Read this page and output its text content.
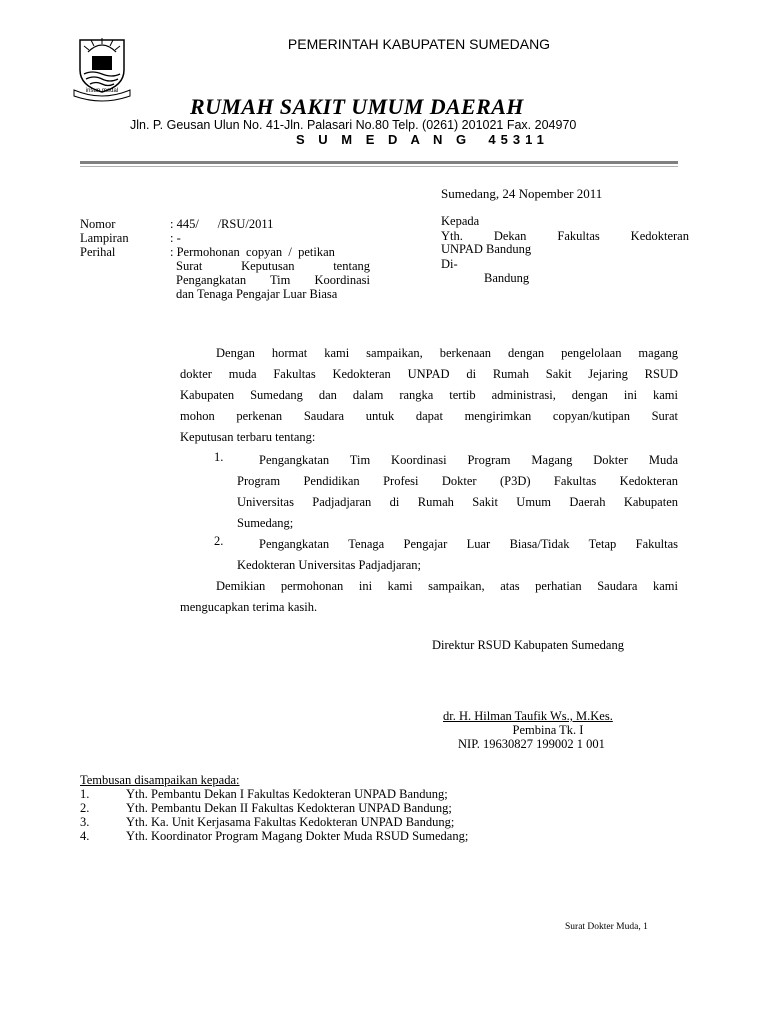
insun medal
PEMERINTAH KABUPATEN SUMEDANG
RUMAH SAKIT UMUM DAERAH
Jln. P. Geusan Ulun No. 41-Jln. Palasari No.80 Telp. (0261) 201021 Fax. 204970
S U M E D A N G  45311
Sumedang, 24 Nopember 2011
Nomor	: 445/      /RSU/2011
Lampiran	: -
Perihal	: Permohonan  copyan  /  petikan
Surat Keputusan tentang
Pengangkatan Tim Koordinasi
dan Tenaga Pengajar Luar Biasa
Kepada
Yth. Dekan Fakultas Kedokteran
UNPAD Bandung
Di-
Bandung
Dengan hormat kami sampaikan, berkenaan dengan pengelolaan magang
dokter muda Fakultas Kedokteran UNPAD di Rumah Sakit Jejaring RSUD
Kabupaten Sumedang dan dalam rangka tertib administrasi, dengan ini kami
mohon perkenan Saudara untuk dapat mengirimkan copyan/kutipan Surat
Keputusan terbaru tentang:
1.	Pengangkatan Tim Koordinasi Program Magang Dokter Muda
Program Pendidikan Profesi Dokter (P3D) Fakultas Kedokteran
Universitas Padjadjaran di Rumah Sakit Umum Daerah Kabupaten
Sumedang;
2.	Pengangkatan Tenaga Pengajar Luar Biasa/Tidak Tetap Fakultas
Kedokteran Universitas Padjadjaran;
Demikian permohonan ini kami sampaikan, atas perhatian Saudara kami
mengucapkan terima kasih.
Direktur RSUD Kabupaten Sumedang
dr. H. Hilman Taufik Ws., M.Kes.
Pembina Tk. I
NIP. 19630827 199002 1 001
Tembusan disampaikan kepada:
1.	Yth. Pembantu Dekan I Fakultas Kedokteran UNPAD Bandung;
2.	Yth. Pembantu Dekan II Fakultas Kedokteran UNPAD Bandung;
3.	Yth. Ka. Unit Kerjasama Fakultas Kedokteran UNPAD Bandung;
4.	Yth. Koordinator Program Magang Dokter Muda RSUD Sumedang;
Surat Dokter Muda, 1
